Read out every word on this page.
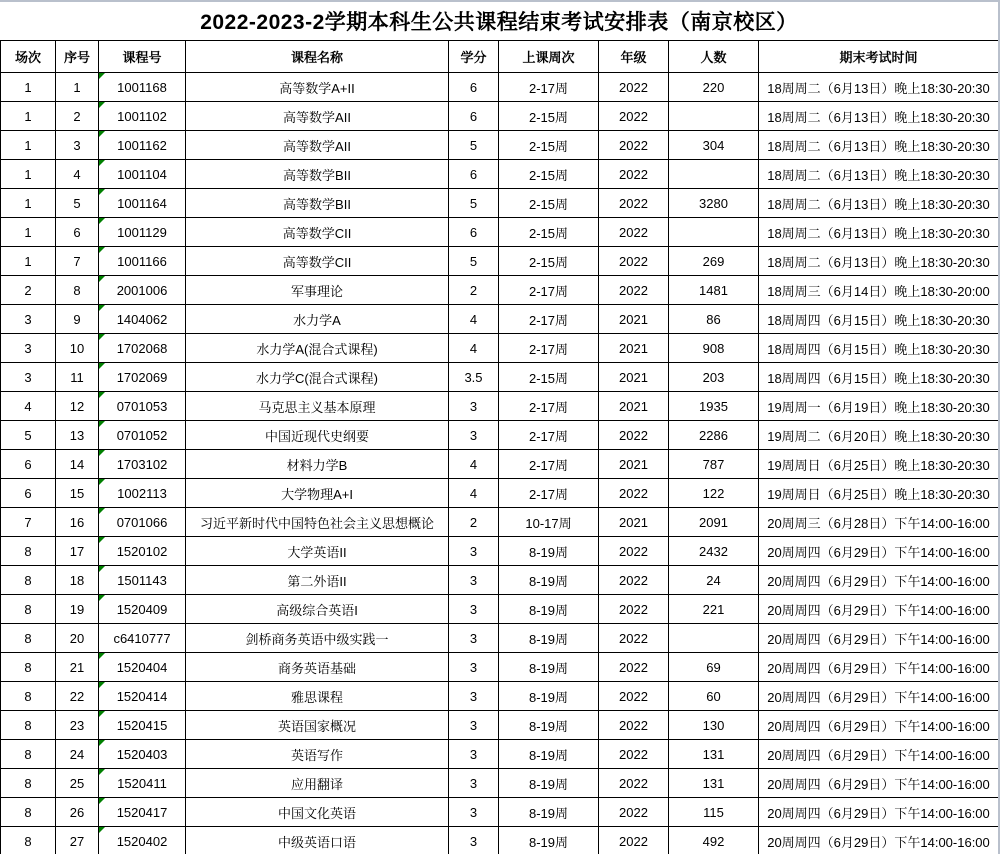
2022-2023-2学期本科生公共课程结束考试安排表（南京校区）
场次	序号	课程号	课程名称	学分	上课周次	年级	人数	期末考试时间
1	1	1001168	高等数学A+II	6	2-17周	2022	220	18周周二（6月13日）晚上18:30-20:30
1	2	1001102	高等数学AII	6	2-15周	2022		18周周二（6月13日）晚上18:30-20:30
1	3	1001162	高等数学AII	5	2-15周	2022	304	18周周二（6月13日）晚上18:30-20:30
1	4	1001104	高等数学BII	6	2-15周	2022		18周周二（6月13日）晚上18:30-20:30
1	5	1001164	高等数学BII	5	2-15周	2022	3280	18周周二（6月13日）晚上18:30-20:30
1	6	1001129	高等数学CII	6	2-15周	2022		18周周二（6月13日）晚上18:30-20:30
1	7	1001166	高等数学CII	5	2-15周	2022	269	18周周二（6月13日）晚上18:30-20:30
2	8	2001006	军事理论	2	2-17周	2022	1481	18周周三（6月14日）晚上18:30-20:00
3	9	1404062	水力学A	4	2-17周	2021	86	18周周四（6月15日）晚上18:30-20:30
3	10	1702068	水力学A(混合式课程)	4	2-17周	2021	908	18周周四（6月15日）晚上18:30-20:30
3	11	1702069	水力学C(混合式课程)	3.5	2-15周	2021	203	18周周四（6月15日）晚上18:30-20:30
4	12	0701053	马克思主义基本原理	3	2-17周	2021	1935	19周周一（6月19日）晚上18:30-20:30
5	13	0701052	中国近现代史纲要	3	2-17周	2022	2286	19周周二（6月20日）晚上18:30-20:30
6	14	1703102	材料力学B	4	2-17周	2021	787	19周周日（6月25日）晚上18:30-20:30
6	15	1002113	大学物理A+I	4	2-17周	2022	122	19周周日（6月25日）晚上18:30-20:30
7	16	0701066	习近平新时代中国特色社会主义思想概论	2	10-17周	2021	2091	20周周三（6月28日）下午14:00-16:00
8	17	1520102	大学英语II	3	8-19周	2022	2432	20周周四（6月29日）下午14:00-16:00
8	18	1501143	第二外语II	3	8-19周	2022	24	20周周四（6月29日）下午14:00-16:00
8	19	1520409	高级综合英语I	3	8-19周	2022	221	20周周四（6月29日）下午14:00-16:00
8	20	c6410777	剑桥商务英语中级实践一	3	8-19周	2022		20周周四（6月29日）下午14:00-16:00
8	21	1520404	商务英语基础	3	8-19周	2022	69	20周周四（6月29日）下午14:00-16:00
8	22	1520414	雅思课程	3	8-19周	2022	60	20周周四（6月29日）下午14:00-16:00
8	23	1520415	英语国家概况	3	8-19周	2022	130	20周周四（6月29日）下午14:00-16:00
8	24	1520403	英语写作	3	8-19周	2022	131	20周周四（6月29日）下午14:00-16:00
8	25	1520411	应用翻译	3	8-19周	2022	131	20周周四（6月29日）下午14:00-16:00
8	26	1520417	中国文化英语	3	8-19周	2022	115	20周周四（6月29日）下午14:00-16:00
8	27	1520402	中级英语口语	3	8-19周	2022	492	20周周四（6月29日）下午14:00-16:00
